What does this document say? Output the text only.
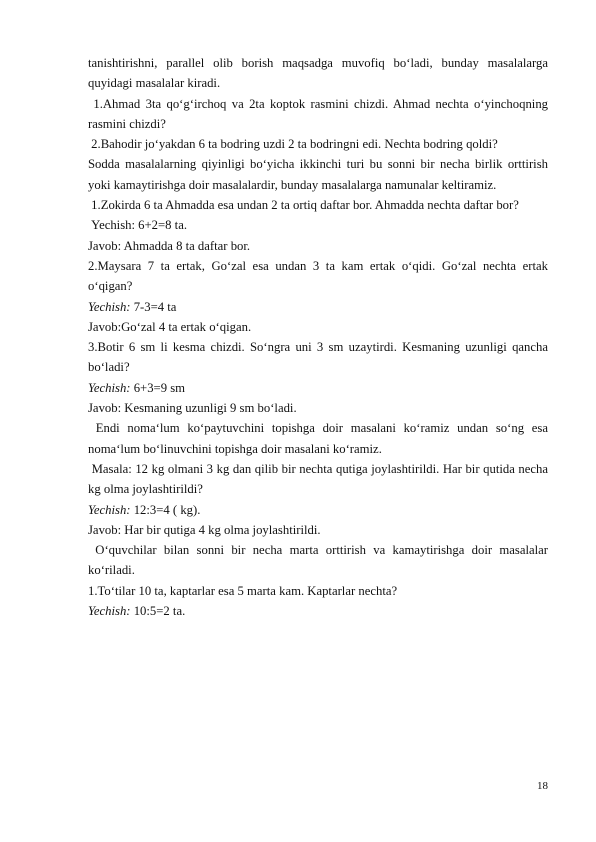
tanishtirishni, parallel olib borish maqsadga muvofiq bo‘ladi, bunday masalalarga quyidagi masalalar kiradi.

1.Ahmad 3ta qo‘g‘irchoq va 2ta koptok rasmini chizdi. Ahmad nechta o‘yinchoqning rasmini chizdi?

2.Bahodir jo‘yakdan 6 ta bodring uzdi 2 ta bodringni edi. Nechta bodring qoldi?

Sodda masalalarning qiyinligi bo‘yicha ikkinchi turi bu sonni bir necha birlik orttirish yoki kamaytirishga doir masalalardir, bunday masalalarga namunalar keltiramiz.

1.Zokirda 6 ta Ahmadda esa undan 2 ta ortiq daftar bor. Ahmadda nechta daftar bor?

Yechish: 6+2=8 ta.

Javob: Ahmadda 8 ta daftar bor.

2.Maysara 7 ta ertak, Go‘zal esa undan 3 ta kam ertak o‘qidi. Go‘zal nechta ertak o‘qigan?

Yechish: 7-3=4 ta

Javob:Go‘zal 4 ta ertak o‘qigan.

3.Botir 6 sm li kesma chizdi. So‘ngra uni 3 sm uzaytirdi. Kesmaning uzunligi qancha bo‘ladi?

Yechish: 6+3=9 sm

Javob: Kesmaning uzunligi 9 sm bo‘ladi.

Endi noma‘lum ko‘paytuvchini topishga doir masalani ko‘ramiz undan so‘ng esa noma‘lum bo‘linuvchini topishga doir masalani ko‘ramiz.

Masala: 12 kg olmani 3 kg dan qilib bir nechta qutiga joylashtirildi. Har bir qutida necha kg olma joylashtirildi?

Yechish: 12:3=4 ( kg).

Javob: Har bir qutiga 4 kg olma joylashtirildi.

O‘quvchilar bilan sonni bir necha marta orttirish va kamaytirishga doir masalalar ko‘riladi.

1.To‘tilar 10 ta, kaptarlar esa 5 marta kam. Kaptarlar nechta?

Yechish: 10:5=2 ta.

18
